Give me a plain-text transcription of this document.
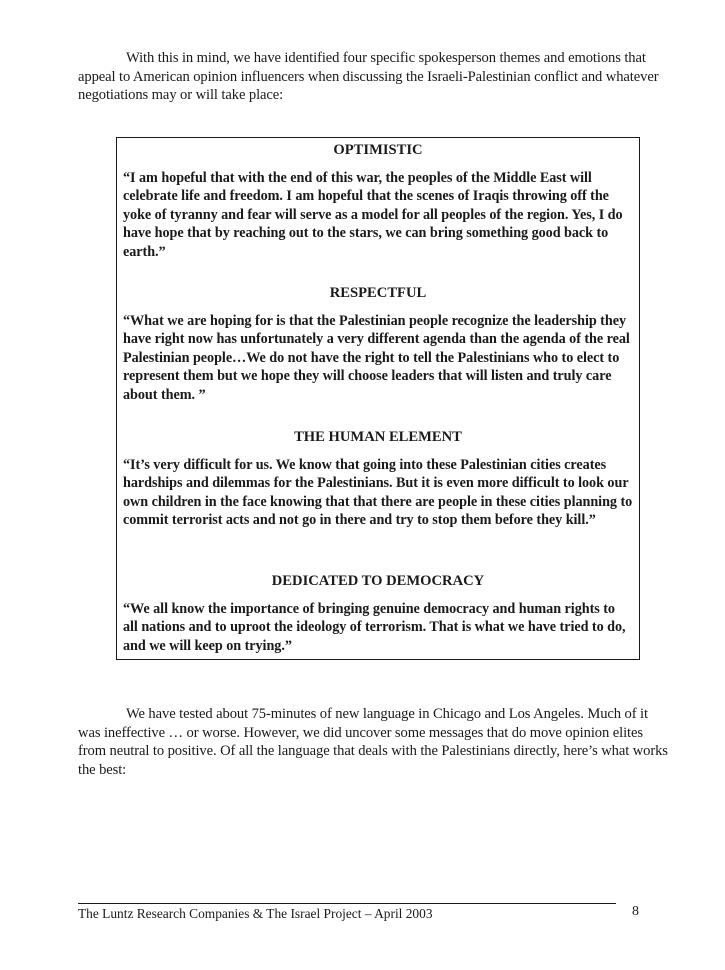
With this in mind, we have identified four specific spokesperson themes and emotions that appeal to American opinion influencers when discussing the Israeli-Palestinian conflict and whatever negotiations may or will take place:

OPTIMISTIC

“I am hopeful that with the end of this war, the peoples of the Middle East will celebrate life and freedom. I am hopeful that the scenes of Iraqis throwing off the yoke of tyranny and fear will serve as a model for all peoples of the region. Yes, I do have hope that by reaching out to the stars, we can bring something good back to earth.”

RESPECTFUL

“What we are hoping for is that the Palestinian people recognize the leadership they have right now has unfortunately a very different agenda than the agenda of the real Palestinian people…We do not have the right to tell the Palestinians who to elect to represent them but we hope they will choose leaders that will listen and truly care about them. ”

THE HUMAN ELEMENT

“It’s very difficult for us. We know that going into these Palestinian cities creates hardships and dilemmas for the Palestinians. But it is even more difficult to look our own children in the face knowing that that there are people in these cities planning to commit terrorist acts and not go in there and try to stop them before they kill.”

DEDICATED TO DEMOCRACY

“We all know the importance of bringing genuine democracy and human rights to all nations and to uproot the ideology of terrorism. That is what we have tried to do, and we will keep on trying.”

We have tested about 75-minutes of new language in Chicago and Los Angeles. Much of it was ineffective … or worse. However, we did uncover some messages that do move opinion elites from neutral to positive. Of all the language that deals with the Palestinians directly, here’s what works the best:

The Luntz Research Companies & The Israel Project – April 2003	8
